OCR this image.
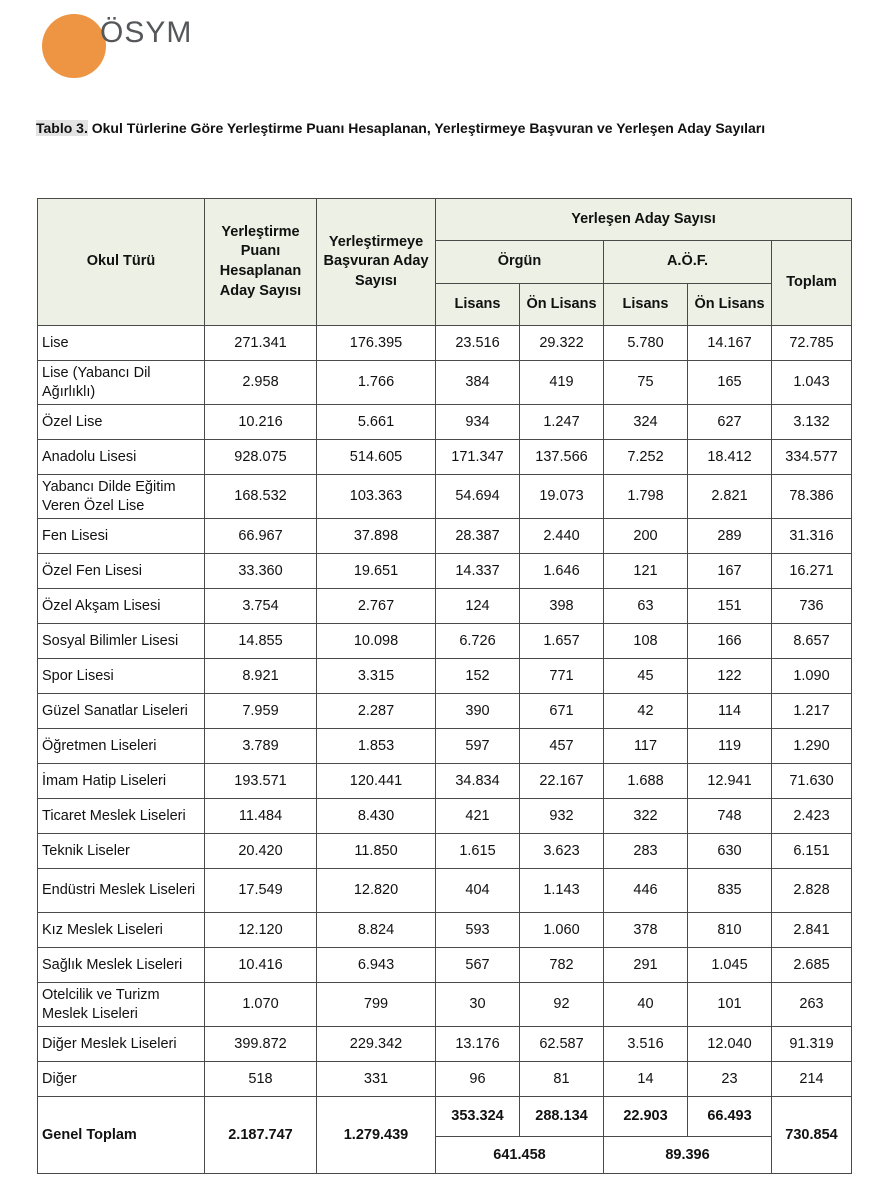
ÖSYM
Tablo 3. Okul Türlerine Göre Yerleştirme Puanı Hesaplanan, Yerleştirmeye Başvuran ve Yerleşen Aday Sayıları
Okul Türü	Yerleştirme Puanı Hesaplanan Aday Sayısı	Yerleştirmeye Başvuran Aday Sayısı	Yerleşen Aday Sayısı				
			Örgün		A.Ö.F.		Toplam
			Lisans	Ön Lisans	Lisans	Ön Lisans	
Lise	271.341	176.395	23.516	29.322	5.780	14.167	72.785
Lise (Yabancı Dil Ağırlıklı)	2.958	1.766	384	419	75	165	1.043
Özel Lise	10.216	5.661	934	1.247	324	627	3.132
Anadolu Lisesi	928.075	514.605	171.347	137.566	7.252	18.412	334.577
Yabancı Dilde Eğitim Veren Özel Lise	168.532	103.363	54.694	19.073	1.798	2.821	78.386
Fen Lisesi	66.967	37.898	28.387	2.440	200	289	31.316
Özel Fen Lisesi	33.360	19.651	14.337	1.646	121	167	16.271
Özel Akşam Lisesi	3.754	2.767	124	398	63	151	736
Sosyal Bilimler Lisesi	14.855	10.098	6.726	1.657	108	166	8.657
Spor Lisesi	8.921	3.315	152	771	45	122	1.090
Güzel Sanatlar Liseleri	7.959	2.287	390	671	42	114	1.217
Öğretmen Liseleri	3.789	1.853	597	457	117	119	1.290
İmam Hatip Liseleri	193.571	120.441	34.834	22.167	1.688	12.941	71.630
Ticaret Meslek Liseleri	11.484	8.430	421	932	322	748	2.423
Teknik Liseler	20.420	11.850	1.615	3.623	283	630	6.151
Endüstri Meslek Liseleri	17.549	12.820	404	1.143	446	835	2.828
Kız Meslek Liseleri	12.120	8.824	593	1.060	378	810	2.841
Sağlık Meslek Liseleri	10.416	6.943	567	782	291	1.045	2.685
Otelcilik ve Turizm Meslek Liseleri	1.070	799	30	92	40	101	263
Diğer Meslek Liseleri	399.872	229.342	13.176	62.587	3.516	12.040	91.319
Diğer	518	331	96	81	14	23	214
Genel Toplam	2.187.747	1.279.439	353.324	288.134	22.903	66.493	730.854
			641.458		89.396		
